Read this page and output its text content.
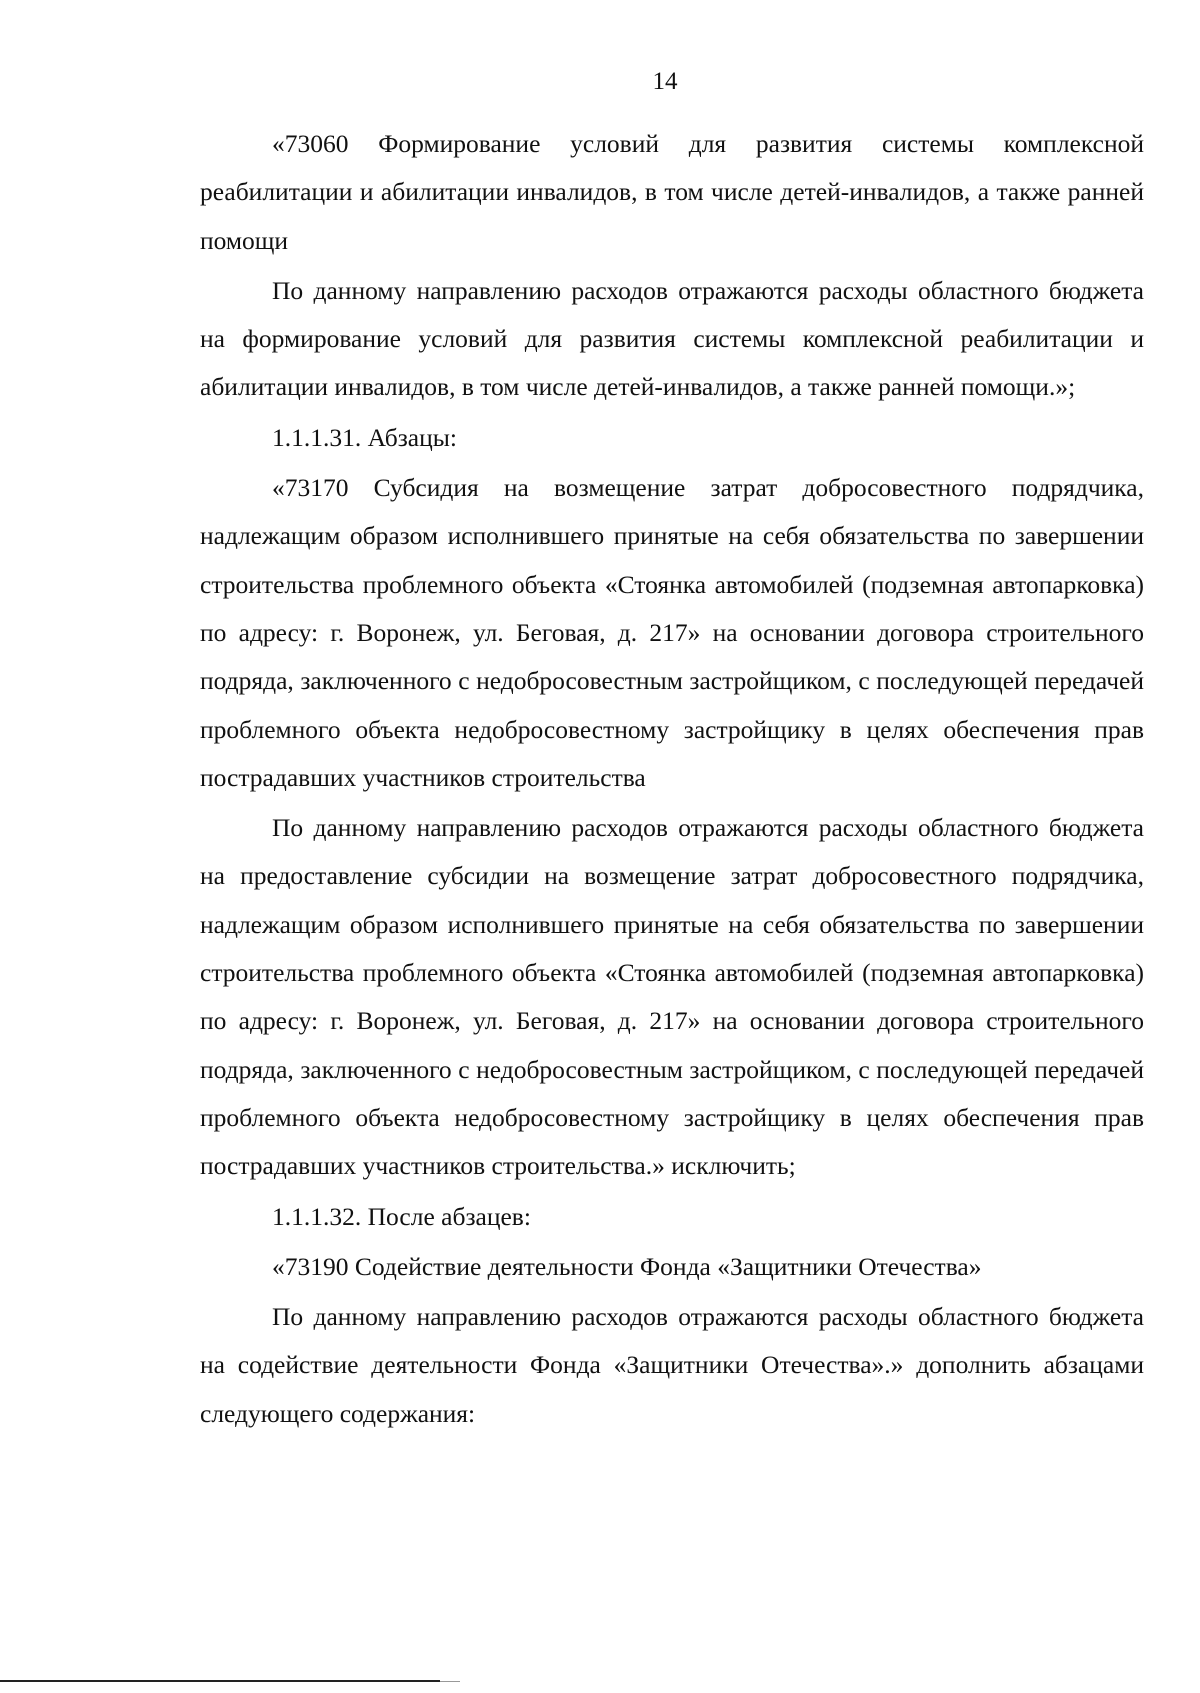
14

«73060 Формирование условий для развития системы комплексной реабилитации и абилитации инвалидов, в том числе детей-инвалидов, а также ранней помощи

По данному направлению расходов отражаются расходы областного бюджета на формирование условий для развития системы комплексной реабилитации и абилитации инвалидов, в том числе детей-инвалидов, а также ранней помощи.»;

1.1.1.31. Абзацы:

«73170 Субсидия на возмещение затрат добросовестного подрядчика, надлежащим образом исполнившего принятые на себя обязательства по завершении строительства проблемного объекта «Стоянка автомобилей (подземная автопарковка) по адресу: г. Воронеж, ул. Беговая, д. 217» на основании договора строительного подряда, заключенного с недобросовестным застройщиком, с последующей передачей проблемного объекта недобросовестному застройщику в целях обеспечения прав пострадавших участников строительства

По данному направлению расходов отражаются расходы областного бюджета на предоставление субсидии на возмещение затрат добросовестного подрядчика, надлежащим образом исполнившего принятые на себя обязательства по завершении строительства проблемного объекта «Стоянка автомобилей (подземная автопарковка) по адресу: г. Воронеж, ул. Беговая, д. 217» на основании договора строительного подряда, заключенного с недобросовестным застройщиком, с последующей передачей проблемного объекта недобросовестному застройщику в целях обеспечения прав пострадавших участников строительства.» исключить;

1.1.1.32. После абзацев:

«73190 Содействие деятельности Фонда «Защитники Отечества»

По данному направлению расходов отражаются расходы областного бюджета на содействие деятельности Фонда «Защитники Отечества».» дополнить абзацами следующего содержания:
